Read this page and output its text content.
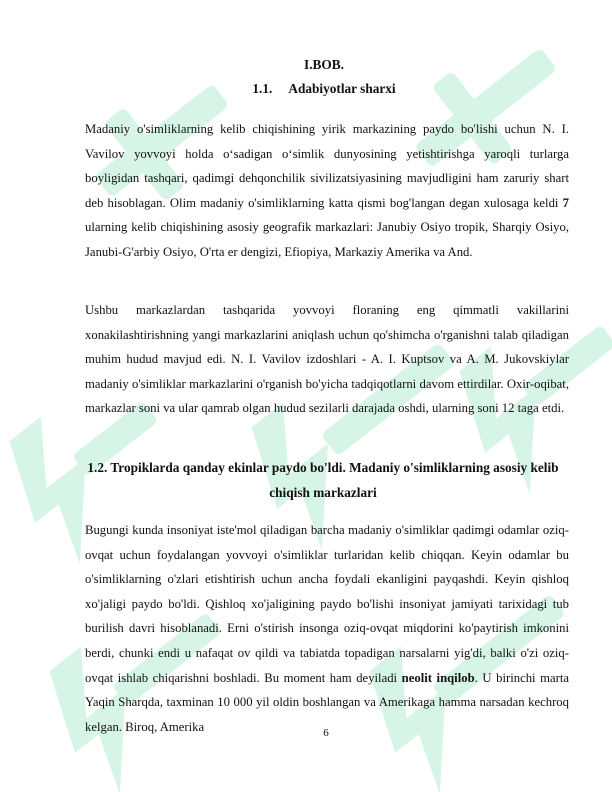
I.BOB.

1.1. Adabiyotlar sharxi

Madaniy o'simliklarning kelib chiqishining yirik markazining paydo bo'lishi uchun N. I. Vavilov yovvoyi holda o‘sadigan o‘simlik dunyosining yetishtirishga yaroqli turlarga boyligidan tashqari, qadimgi dehqonchilik sivilizatsiyasining mavjudligini ham zaruriy shart deb hisoblagan. Olim madaniy o'simliklarning katta qismi bog'langan degan xulosaga keldi 7 ularning kelib chiqishining asosiy geografik markazlari: Janubiy Osiyo tropik, Sharqiy Osiyo, Janubi-G'arbiy Osiyo, O'rta er dengizi, Efiopiya, Markaziy Amerika va And.

Ushbu markazlardan tashqarida yovvoyi floraning eng qimmatli vakillarini xonakilashtirishning yangi markazlarini aniqlash uchun qo'shimcha o'rganishni talab qiladigan muhim hudud mavjud edi. N. I. Vavilov izdoshlari - A. I. Kuptsov va A. M. Jukovskiylar madaniy o'simliklar markazlarini o'rganish bo'yicha tadqiqotlarni davom ettirdilar. Oxir-oqibat, markazlar soni va ular qamrab olgan hudud sezilarli darajada oshdi, ularning soni 12 taga etdi.

1.2. Tropiklarda qanday ekinlar paydo bo'ldi. Madaniy o'simliklarning asosiy kelib chiqish markazlari

Bugungi kunda insoniyat iste'mol qiladigan barcha madaniy o'simliklar qadimgi odamlar oziq-ovqat uchun foydalangan yovvoyi o'simliklar turlaridan kelib chiqqan. Keyin odamlar bu o'simliklarning o'zlari etishtirish uchun ancha foydali ekanligini payqashdi. Keyin qishloq xo'jaligi paydo bo'ldi. Qishloq xo'jaligining paydo bo'lishi insoniyat jamiyati tarixidagi tub burilish davri hisoblanadi. Erni o'stirish insonga oziq-ovqat miqdorini ko'paytirish imkonini berdi, chunki endi u nafaqat ov qildi va tabiatda topadigan narsalarni yig'di, balki o'zi oziq-ovqat ishlab chiqarishni boshladi. Bu moment ham deyiladi neolit inqilob. U birinchi marta Yaqin Sharqda, taxminan 10 000 yil oldin boshlangan va Amerikaga hamma narsadan kechroq kelgan. Biroq, Amerika	6
